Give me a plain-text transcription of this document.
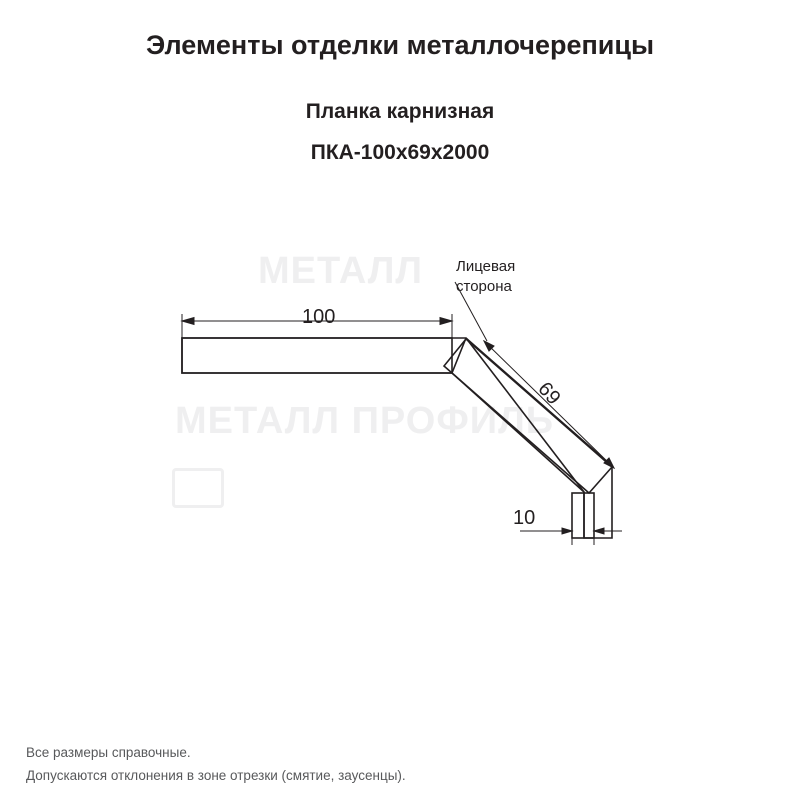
Элементы отделки металлочерепицы
Планка карнизная
ПКА-100x69x2000
МЕТАЛЛ
МЕТАЛЛ ПРОФИЛЬ
100
69
10
Лицевая
сторона
Все размеры справочные.
Допускаются отклонения в зоне отрезки (смятие, заусенцы).
